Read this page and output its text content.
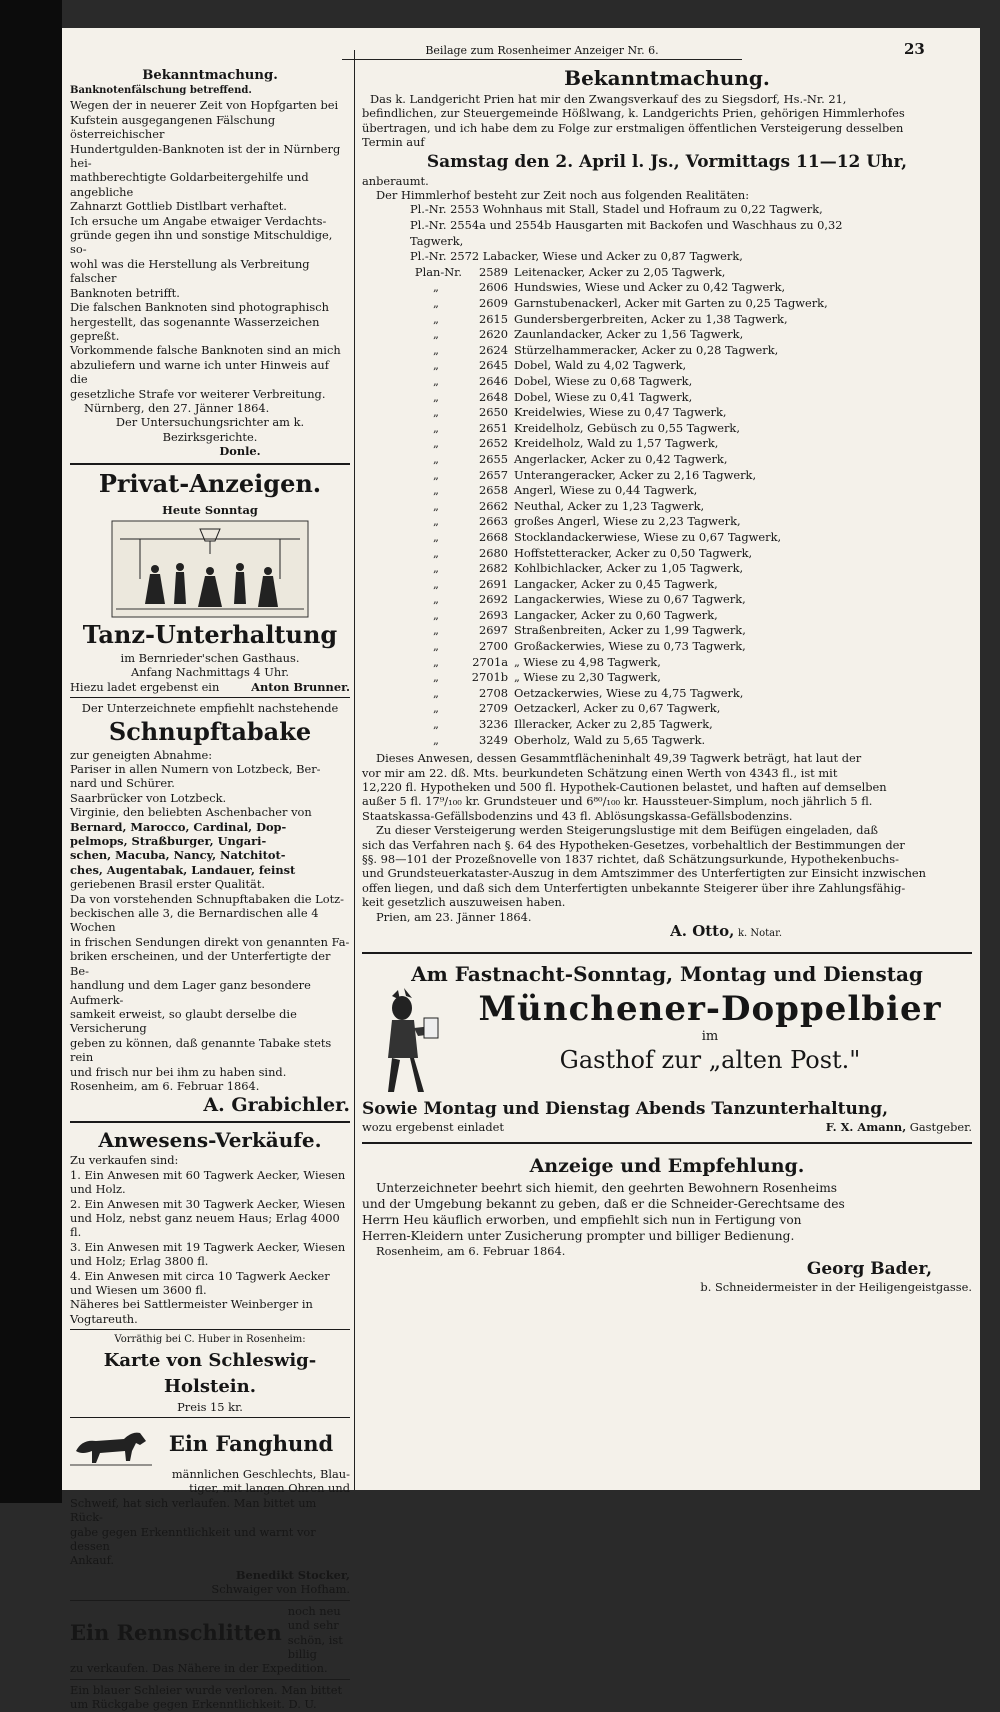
Beilage zum Rosenheimer Anzeiger Nr. 6.	23
Bekanntmachung.
Banknotenfälschung betreffend.
Wegen der in neuerer Zeit von Hopfgarten bei
Kufstein ausgegangenen Fälschung österreichischer
Hundertgulden-Banknoten ist der in Nürnberg hei-
mathberechtigte Goldarbeitergehilfe und angebliche
Zahnarzt Gottlieb Distlbart verhaftet.
Ich ersuche um Angabe etwaiger Verdachts-
gründe gegen ihn und sonstige Mitschuldige, so-
wohl was die Herstellung als Verbreitung falscher
Banknoten betrifft.
Die falschen Banknoten sind photographisch
hergestellt, das sogenannte Wasserzeichen gepreßt.
Vorkommende falsche Banknoten sind an mich
abzuliefern und warne ich unter Hinweis auf die
gesetzliche Strafe vor weiterer Verbreitung.
Nürnberg, den 27. Jänner 1864.
Der Untersuchungsrichter am k. Bezirksgerichte.
Donle.
Privat-Anzeigen.
Heute Sonntag
Tanz-Unterhaltung
im Bernrieder'schen Gasthaus.
Anfang Nachmittags 4 Uhr.
Hiezu ladet ergebenst ein	Anton Brunner.
Der Unterzeichnete empfiehlt nachstehende
Schnupftabake
zur geneigten Abnahme:
Pariser in allen Numern von Lotzbeck, Ber-
nard und Schürer.
Saarbrücker von Lotzbeck.
Virginie, den beliebten Aschenbacher von
Bernard, Marocco, Cardinal, Dop-
pelmops, Straßburger, Ungari-
schen, Macuba, Nancy, Natchitot-
ches, Augentabak, Landauer, feinst
geriebenen Brasil erster Qualität.
Da von vorstehenden Schnupftabaken die Lotz-
beckischen alle 3, die Bernardischen alle 4 Wochen
in frischen Sendungen direkt von genannten Fa-
briken erscheinen, und der Unterfertigte der Be-
handlung und dem Lager ganz besondere Aufmerk-
samkeit erweist, so glaubt derselbe die Versicherung
geben zu können, daß genannte Tabake stets rein
und frisch nur bei ihm zu haben sind.
Rosenheim, am 6. Februar 1864.
A. Grabichler.
Anwesens-Verkäufe.
Zu verkaufen sind:
1. Ein Anwesen mit 60 Tagwerk Aecker, Wiesen und Holz.
2. Ein Anwesen mit 30 Tagwerk Aecker, Wiesen und Holz, nebst ganz neuem Haus; Erlag 4000 fl.
3. Ein Anwesen mit 19 Tagwerk Aecker, Wiesen und Holz; Erlag 3800 fl.
4. Ein Anwesen mit circa 10 Tagwerk Aecker und Wiesen um 3600 fl.
Näheres bei Sattlermeister Weinberger in Vogtareuth.
Vorräthig bei C. Huber in Rosenheim:
Karte von Schleswig-Holstein.
Preis 15 kr.
Ein Fanghund
männlichen Geschlechts, Blau-
tiger, mit langen Ohren und
Schweif, hat sich verlaufen. Man bittet um Rück-
gabe gegen Erkenntlichkeit und warnt vor dessen
Ankauf.
Benedikt Stocker,
Schwaiger von Hofham.
Ein Rennschlitten
noch neu und sehr schön, ist billig
zu verkaufen. Das Nähere in der Expedition.
Ein blauer Schleier wurde verloren. Man bittet um Rückgabe gegen Erkenntlichkeit. D. U.
Bekanntmachung.
Das k. Landgericht Prien hat mir den Zwangsverkauf des zu Siegsdorf, Hs.-Nr. 21,
befindlichen, zur Steuergemeinde Hößlwang, k. Landgerichts Prien, gehörigen Himmlerhofes
übertragen, und ich habe dem zu Folge zur erstmaligen öffentlichen Versteigerung desselben
Termin auf
Samstag den 2. April l. Js., Vormittags 11—12 Uhr,
anberaumt.
Der Himmlerhof besteht zur Zeit noch aus folgenden Realitäten:
Pl.-Nr. 2553 Wohnhaus mit Stall, Stadel und Hofraum zu 0,22 Tagwerk,
Pl.-Nr. 2554a und 2554b Hausgarten mit Backofen und Waschhaus zu 0,32
Tagwerk,
Pl.-Nr. 2572 Labacker, Wiese und Acker zu 0,87 Tagwerk,
Plan-Nr.	2589 Leitenacker, Acker zu 2,05 Tagwerk,
„	2606 Hundswies, Wiese und Acker zu 0,42 Tagwerk,
„	2609 Garnstubenackerl, Acker mit Garten zu 0,25 Tagwerk,
„	2615 Gundersbergerbreiten, Acker zu 1,38 Tagwerk,
„	2620 Zaunlandacker, Acker zu 1,56 Tagwerk,
„	2624 Stürzelhammeracker, Acker zu 0,28 Tagwerk,
„	2645 Dobel, Wald zu 4,02 Tagwerk,
„	2646 Dobel, Wiese zu 0,68 Tagwerk,
„	2648 Dobel, Wiese zu 0,41 Tagwerk,
„	2650 Kreidelwies, Wiese zu 0,47 Tagwerk,
„	2651 Kreidelholz, Gebüsch zu 0,55 Tagwerk,
„	2652 Kreidelholz, Wald zu 1,57 Tagwerk,
„	2655 Angerlacker, Acker zu 0,42 Tagwerk,
„	2657 Unterangeracker, Acker zu 2,16 Tagwerk,
„	2658 Angerl, Wiese zu 0,44 Tagwerk,
„	2662 Neuthal, Acker zu 1,23 Tagwerk,
„	2663 großes Angerl, Wiese zu 2,23 Tagwerk,
„	2668 Stocklandackerwiese, Wiese zu 0,67 Tagwerk,
„	2680 Hoffstetteracker, Acker zu 0,50 Tagwerk,
„	2682 Kohlbichlacker, Acker zu 1,05 Tagwerk,
„	2691 Langacker, Acker zu 0,45 Tagwerk,
„	2692 Langackerwies, Wiese zu 0,67 Tagwerk,
„	2693 Langacker, Acker zu 0,60 Tagwerk,
„	2697 Straßenbreiten, Acker zu 1,99 Tagwerk,
„	2700 Großackerwies, Wiese zu 0,73 Tagwerk,
„	2701a „ Wiese zu 4,98 Tagwerk,
„	2701b „ Wiese zu 2,30 Tagwerk,
„	2708 Oetzackerwies, Wiese zu 4,75 Tagwerk,
„	2709 Oetzackerl, Acker zu 0,67 Tagwerk,
„	3236 Illeracker, Acker zu 2,85 Tagwerk,
„	3249 Oberholz, Wald zu 5,65 Tagwerk.
Dieses Anwesen, dessen Gesammtflächeninhalt 49,39 Tagwerk beträgt, hat laut der
vor mir am 22. dß. Mts. beurkundeten Schätzung einen Werth von 4343 fl., ist mit
12,220 fl. Hypotheken und 500 fl. Hypothek-Cautionen belastet, und haften auf demselben
außer 5 fl. 17⁹/₁₀₀ kr. Grundsteuer und 6⁸⁰/₁₀₀ kr. Haussteuer-Simplum, noch jährlich 5 fl.
Staatskassa-Gefällsbodenzins und 43 fl. Ablösungskassa-Gefällsbodenzins.
Zu dieser Versteigerung werden Steigerungslustige mit dem Beifügen eingeladen, daß
sich das Verfahren nach §. 64 des Hypotheken-Gesetzes, vorbehaltlich der Bestimmungen der
§§. 98—101 der Prozeßnovelle von 1837 richtet, daß Schätzungsurkunde, Hypothekenbuchs-
und Grundsteuerkataster-Auszug in dem Amtszimmer des Unterfertigten zur Einsicht inzwischen
offen liegen, und daß sich dem Unterfertigten unbekannte Steigerer über ihre Zahlungsfähig-
keit gesetzlich auszuweisen haben.
Prien, am 23. Jänner 1864.
A. Otto, k. Notar.
Am Fastnacht-Sonntag, Montag und Dienstag
Münchener-Doppelbier
im
Gasthof zur „alten Post."
Sowie Montag und Dienstag Abends Tanzunterhaltung,
wozu ergebenst einladet	F. X. Amann, Gastgeber.
Anzeige und Empfehlung.
Unterzeichneter beehrt sich hiemit, den geehrten Bewohnern Rosenheims
und der Umgebung bekannt zu geben, daß er die Schneider-Gerechtsame des
Herrn Heu käuflich erworben, und empfiehlt sich nun in Fertigung von
Herren-Kleidern unter Zusicherung prompter und billiger Bedienung.
Rosenheim, am 6. Februar 1864.
Georg Bader,
b. Schneidermeister in der Heiligengeistgasse.
